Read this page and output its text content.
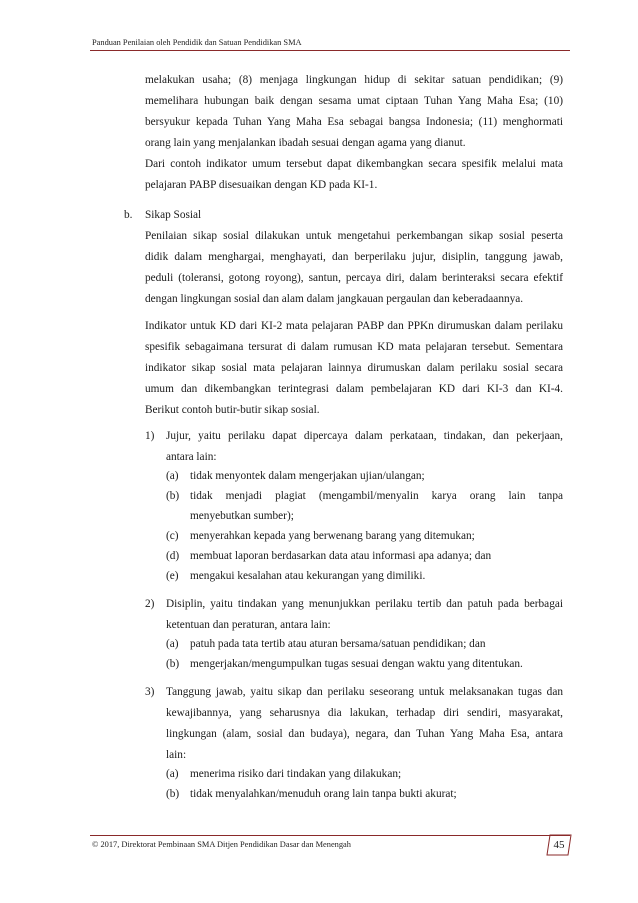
Panduan Penilaian oleh Pendidik dan Satuan Pendidikan SMA
melakukan usaha; (8) menjaga lingkungan hidup di sekitar satuan pendidikan; (9)
memelihara hubungan baik dengan sesama umat ciptaan Tuhan Yang Maha Esa; (10)
bersyukur kepada Tuhan Yang Maha Esa sebagai bangsa Indonesia; (11) menghormati
orang lain yang menjalankan ibadah sesuai dengan agama yang dianut.
Dari contoh indikator umum tersebut dapat dikembangkan secara spesifik melalui mata
pelajaran PABP disesuaikan dengan KD pada KI-1.
b. Sikap Sosial
Penilaian sikap sosial dilakukan untuk mengetahui perkembangan sikap sosial peserta
didik dalam menghargai, menghayati, dan berperilaku jujur, disiplin, tanggung jawab,
peduli (toleransi, gotong royong), santun, percaya diri, dalam berinteraksi secara efektif
dengan lingkungan sosial dan alam dalam jangkauan pergaulan dan keberadaannya.
Indikator untuk KD dari KI-2 mata pelajaran PABP dan PPKn dirumuskan dalam perilaku
spesifik sebagaimana tersurat di dalam rumusan KD mata pelajaran tersebut. Sementara
indikator sikap sosial mata pelajaran lainnya dirumuskan dalam perilaku sosial secara
umum dan dikembangkan terintegrasi dalam pembelajaran KD dari KI-3 dan KI-4.
Berikut contoh butir-butir sikap sosial.
1) Jujur, yaitu perilaku dapat dipercaya dalam perkataan, tindakan, dan pekerjaan,
antara lain:
(a) tidak menyontek dalam mengerjakan ujian/ulangan;
(b) tidak menjadi plagiat (mengambil/menyalin karya orang lain tanpa
menyebutkan sumber);
(c) menyerahkan kepada yang berwenang barang yang ditemukan;
(d) membuat laporan berdasarkan data atau informasi apa adanya; dan
(e) mengakui kesalahan atau kekurangan yang dimiliki.
2) Disiplin, yaitu tindakan yang menunjukkan perilaku tertib dan patuh pada berbagai
ketentuan dan peraturan, antara lain:
(a) patuh pada tata tertib atau aturan bersama/satuan pendidikan; dan
(b) mengerjakan/mengumpulkan tugas sesuai dengan waktu yang ditentukan.
3) Tanggung jawab, yaitu sikap dan perilaku seseorang untuk melaksanakan tugas dan
kewajibannya, yang seharusnya dia lakukan, terhadap diri sendiri, masyarakat,
lingkungan (alam, sosial dan budaya), negara, dan Tuhan Yang Maha Esa, antara
lain:
(a) menerima risiko dari tindakan yang dilakukan;
(b) tidak menyalahkan/menuduh orang lain tanpa bukti akurat;
© 2017, Direktorat Pembinaan SMA Ditjen Pendidikan Dasar dan Menengah	45
